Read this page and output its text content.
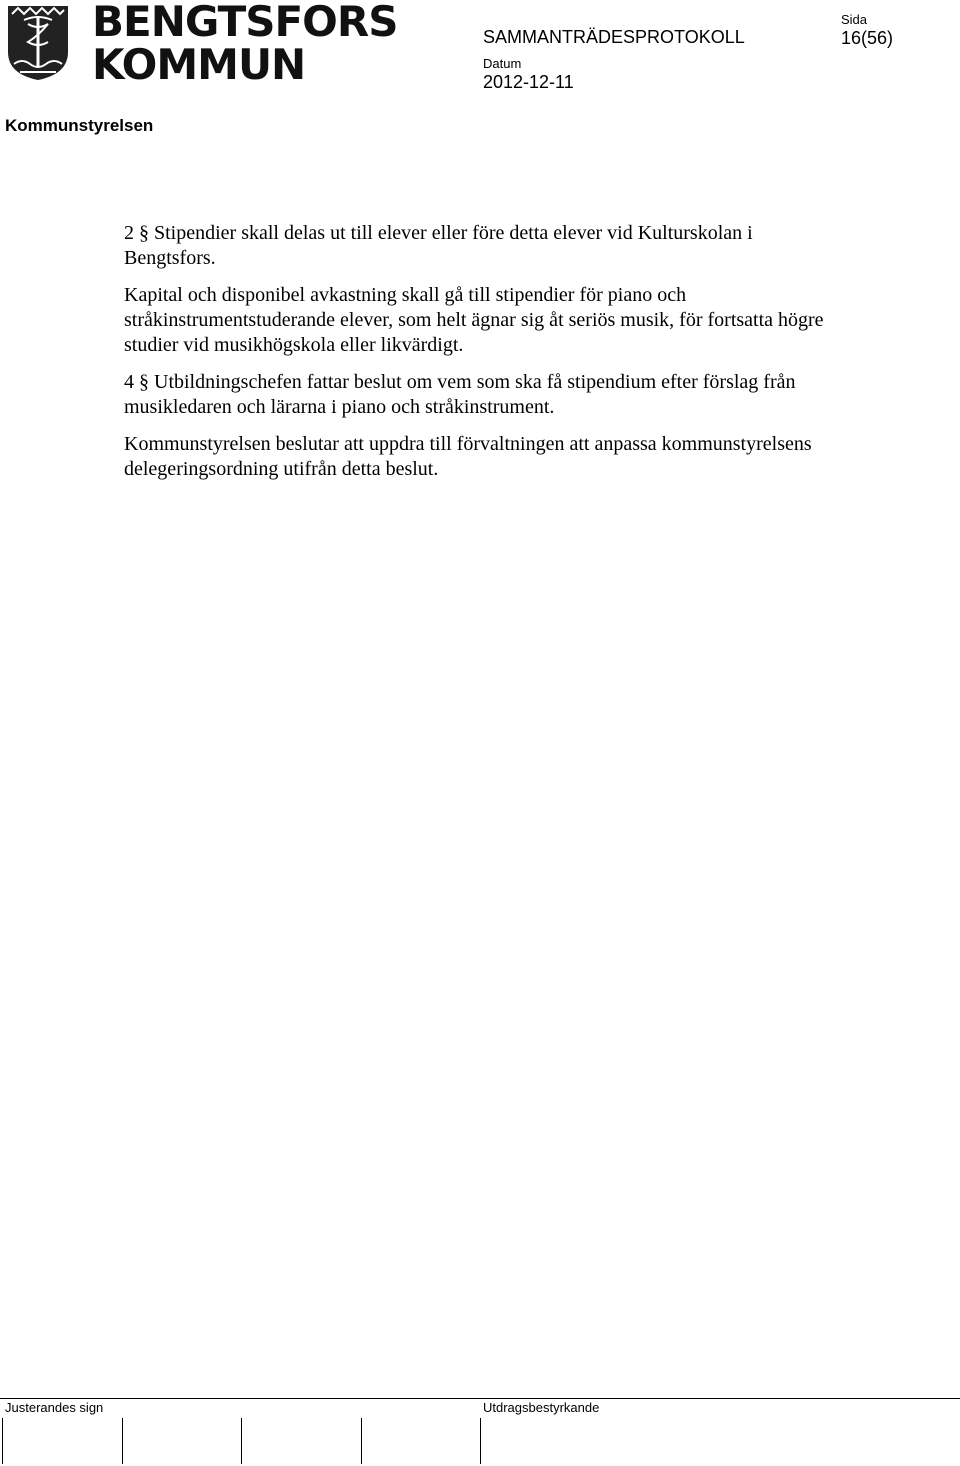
BENGTSFORS
KOMMUN
SAMMANTRÄDESPROTOKOLL
Sida
16(56)
Datum
2012-12-11
Kommunstyrelsen

2 § Stipendier skall delas ut till elever eller före detta elever vid Kulturskolan i Bengtsfors.

Kapital och disponibel avkastning skall gå till stipendier för piano och stråkinstrumentstuderande elever, som helt ägnar sig åt seriös musik, för fortsatta högre studier vid musikhögskola eller likvärdigt.

4 § Utbildningschefen fattar beslut om vem som ska få stipendium efter förslag från musikledaren och lärarna i piano och stråkinstrument.

Kommunstyrelsen beslutar att uppdra till förvaltningen att anpassa kommunstyrelsens delegeringsordning utifrån detta beslut.

Justerandes sign	Utdragsbestyrkande
